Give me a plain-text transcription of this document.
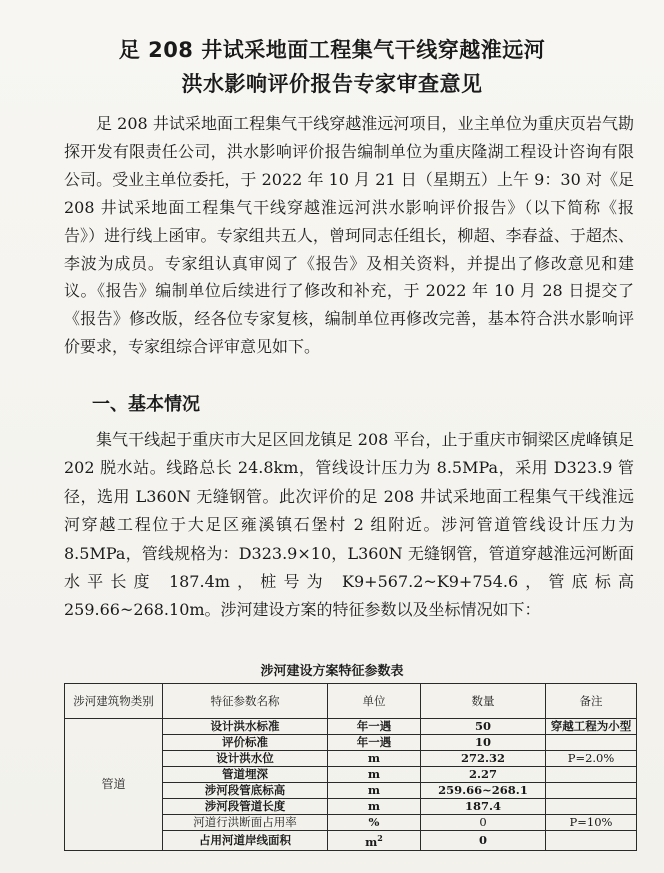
足 208 井试采地面工程集气干线穿越淮远河
洪水影响评价报告专家审查意见
足 208 井试采地面工程集气干线穿越淮远河项目，业主单位为重庆页岩气勘探开发有限责任公司，洪水影响评价报告编制单位为重庆隆湖工程设计咨询有限公司。受业主单位委托，于 2022 年 10 月 21 日（星期五）上午 9：30 对《足 208 井试采地面工程集气干线穿越淮远河洪水影响评价报告》（以下简称《报告》）进行线上函审。专家组共五人，曾珂同志任组长，柳超、李春益、于超杰、李波为成员。专家组认真审阅了《报告》及相关资料，并提出了修改意见和建议。《报告》编制单位后续进行了修改和补充，于 2022 年 10 月 28 日提交了《报告》修改版，经各位专家复核，编制单位再修改完善，基本符合洪水影响评价要求，专家组综合评审意见如下。
一、基本情况
集气干线起于重庆市大足区回龙镇足 208 平台，止于重庆市铜梁区虎峰镇足 202 脱水站。线路总长 24.8km，管线设计压力为 8.5MPa，采用 D323.9 管径，选用 L360N 无缝钢管。此次评价的足 208 井试采地面工程集气干线淮远河穿越工程位于大足区雍溪镇石堡村 2 组附近。涉河管道管线设计压力为 8.5MPa，管线规格为：D323.9×10，L360N 无缝钢管，管道穿越淮远河断面水平长度 187.4m，桩号为 K9+567.2~K9+754.6，管底标高 259.66~268.10m。涉河建设方案的特征参数以及坐标情况如下：
涉河建设方案特征参数表
涉河建筑物类别	特征参数名称	单位	数量	备注
管道	设计洪水标准	年一遇	50	穿越工程为小型
	评价标准	年一遇	10	
	设计洪水位	m	272.32	P=2.0%
	管道埋深	m	2.27	
	涉河段管底标高	m	259.66~268.1	
	涉河段管道长度	m	187.4	
	河道行洪断面占用率	%	0	P=10%
	占用河道岸线面积	$m^2$	0	
